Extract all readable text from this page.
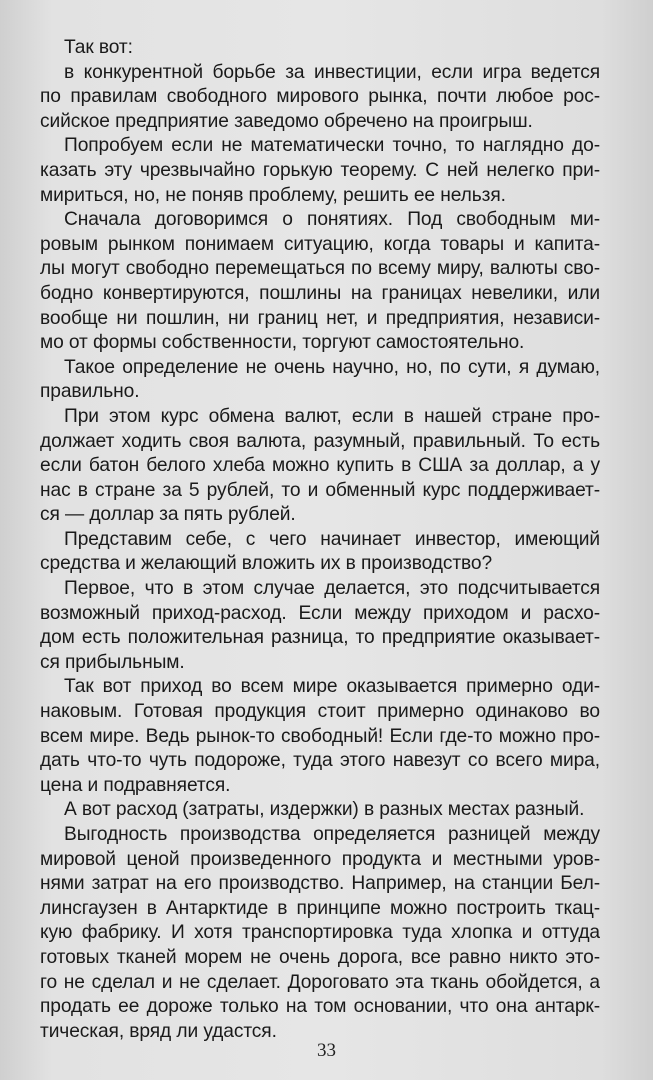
Так вот:
в конкурентной борьбе за инвестиции, если игра ведется
по правилам свободного мирового рынка, почти любое рос-
сийское предприятие заведомо обречено на проигрыш.
Попробуем если не математически точно, то наглядно до-
казать эту чрезвычайно горькую теорему. С ней нелегко при-
мириться, но, не поняв проблему, решить ее нельзя.
Сначала договоримся о понятиях. Под свободным ми-
ровым рынком понимаем ситуацию, когда товары и капита-
лы могут свободно перемещаться по всему миру, валюты сво-
бодно конвертируются, пошлины на границах невелики, или
вообще ни пошлин, ни границ нет, и предприятия, независи-
мо от формы собственности, торгуют самостоятельно.
Такое определение не очень научно, но, по сути, я думаю,
правильно.
При этом курс обмена валют, если в нашей стране про-
должает ходить своя валюта, разумный, правильный. То есть
если батон белого хлеба можно купить в США за доллар, а у
нас в стране за 5 рублей, то и обменный курс поддерживает-
ся — доллар за пять рублей.
Представим себе, с чего начинает инвестор, имеющий
средства и желающий вложить их в производство?
Первое, что в этом случае делается, это подсчитывается
возможный приход-расход. Если между приходом и расхо-
дом есть положительная разница, то предприятие оказывает-
ся прибыльным.
Так вот приход во всем мире оказывается примерно оди-
наковым. Готовая продукция стоит примерно одинаково во
всем мире. Ведь рынок-то свободный! Если где-то можно про-
дать что-то чуть подороже, туда этого навезут со всего мира,
цена и подравняется.
А вот расход (затраты, издержки) в разных местах разный.
Выгодность производства определяется разницей между
мировой ценой произведенного продукта и местными уров-
нями затрат на его производство. Например, на станции Бел-
линсгаузен в Антарктиде в принципе можно построить ткац-
кую фабрику. И хотя транспортировка туда хлопка и оттуда
готовых тканей морем не очень дорога, все равно никто это-
го не сделал и не сделает. Дороговато эта ткань обойдется, а
продать ее дороже только на том основании, что она антарк-
тическая, вряд ли удастся.
33
